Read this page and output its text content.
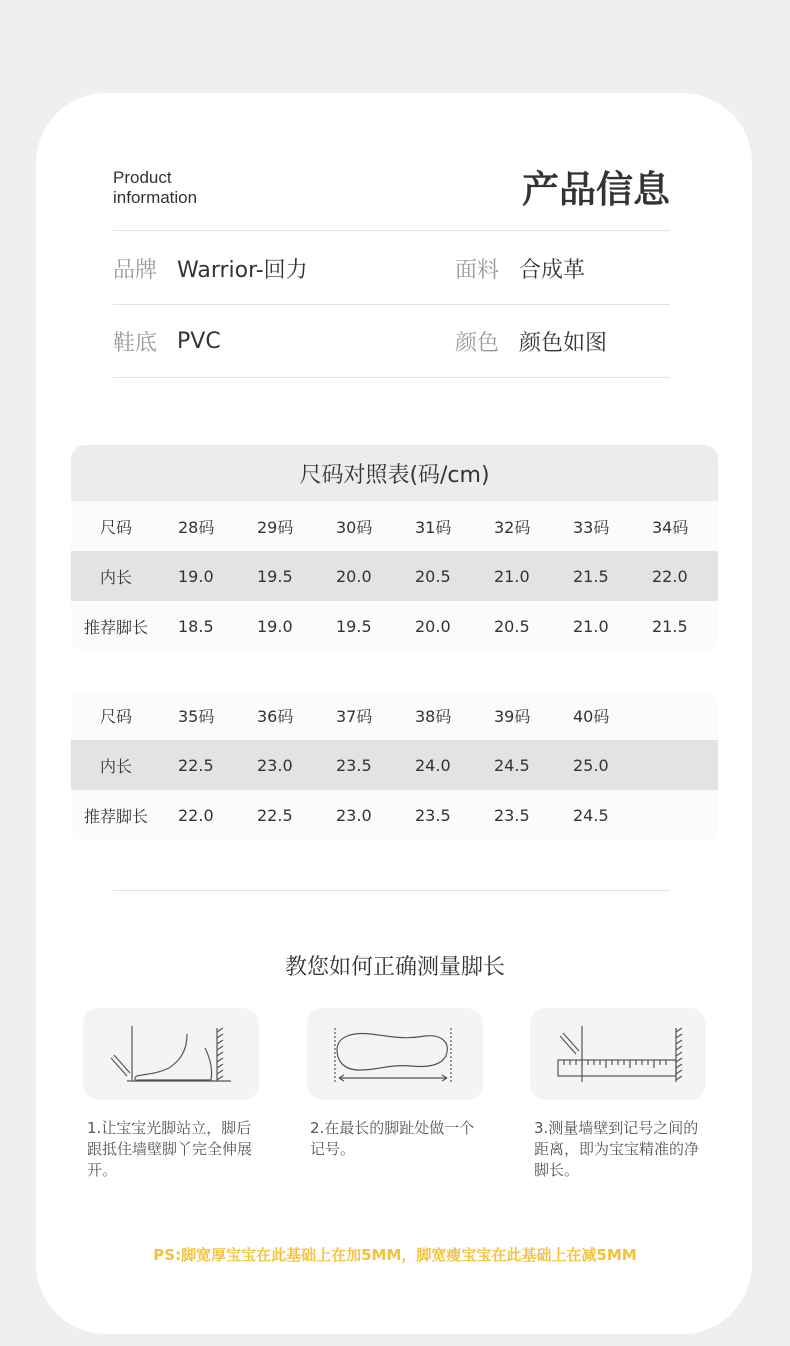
Product
information	产品信息
品牌 Warrior-回力	面料 合成革
鞋底 PVC	颜色 颜色如图
尺码对照表(码/cm)
尺码	28码	29码	30码	31码	32码	33码	34码
内长	19.0	19.5	20.0	20.5	21.0	21.5	22.0
推荐脚长	18.5	19.0	19.5	20.0	20.5	21.0	21.5
尺码	35码	36码	37码	38码	39码	40码
内长	22.5	23.0	23.5	24.0	24.5	25.0
推荐脚长	22.0	22.5	23.0	23.5	23.5	24.5
教您如何正确测量脚长
1.让宝宝光脚站立，脚后跟抵住墙壁脚丫完全伸展开。
2.在最长的脚趾处做一个记号。
3.测量墙壁到记号之间的距离，即为宝宝精准的净脚长。
PS:脚宽厚宝宝在此基础上在加5MM，脚宽瘦宝宝在此基础上在减5MM
